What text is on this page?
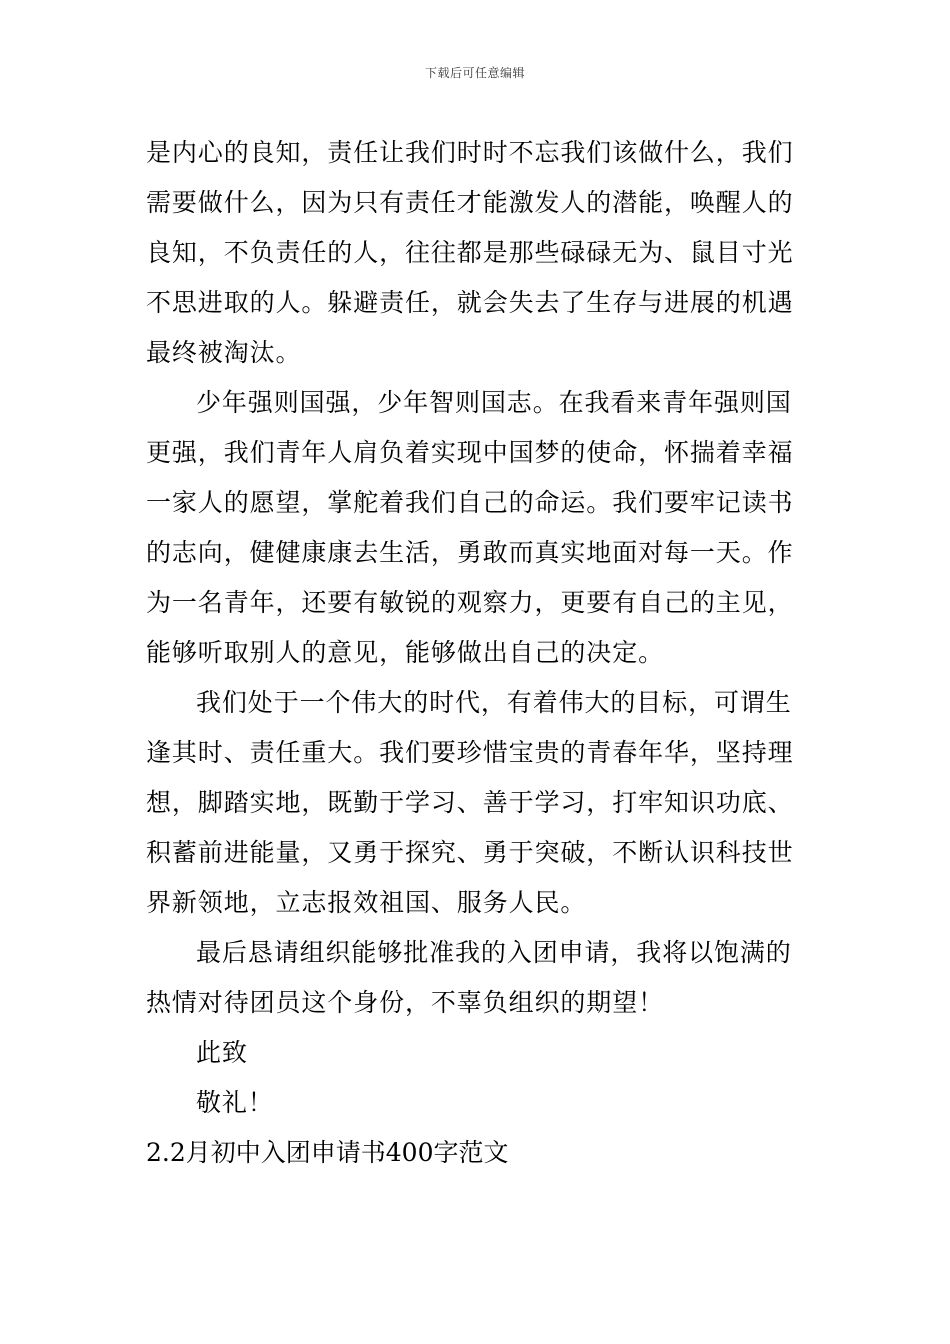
下载后可任意编辑
是内心的良知，责任让我们时时不忘我们该做什么，我们
需要做什么，因为只有责任才能激发人的潜能，唤醒人的
良知，不负责任的人，往往都是那些碌碌无为、鼠目寸光
不思进取的人。躲避责任，就会失去了生存与进展的机遇
最终被淘汰。
少年强则国强，少年智则国志。在我看来青年强则国
更强，我们青年人肩负着实现中国梦的使命，怀揣着幸福
一家人的愿望，掌舵着我们自己的命运。我们要牢记读书
的志向，健健康康去生活，勇敢而真实地面对每一天。作
为一名青年，还要有敏锐的观察力，更要有自己的主见，
能够听取别人的意见，能够做出自己的决定。
我们处于一个伟大的时代，有着伟大的目标，可谓生
逢其时、责任重大。我们要珍惜宝贵的青春年华，坚持理
想，脚踏实地，既勤于学习、善于学习，打牢知识功底、
积蓄前进能量，又勇于探究、勇于突破，不断认识科技世
界新领地，立志报效祖国、服务人民。
最后恳请组织能够批准我的入团申请，我将以饱满的
热情对待团员这个身份，不辜负组织的期望！
此致
敬礼！
2.2月初中入团申请书400字范文
